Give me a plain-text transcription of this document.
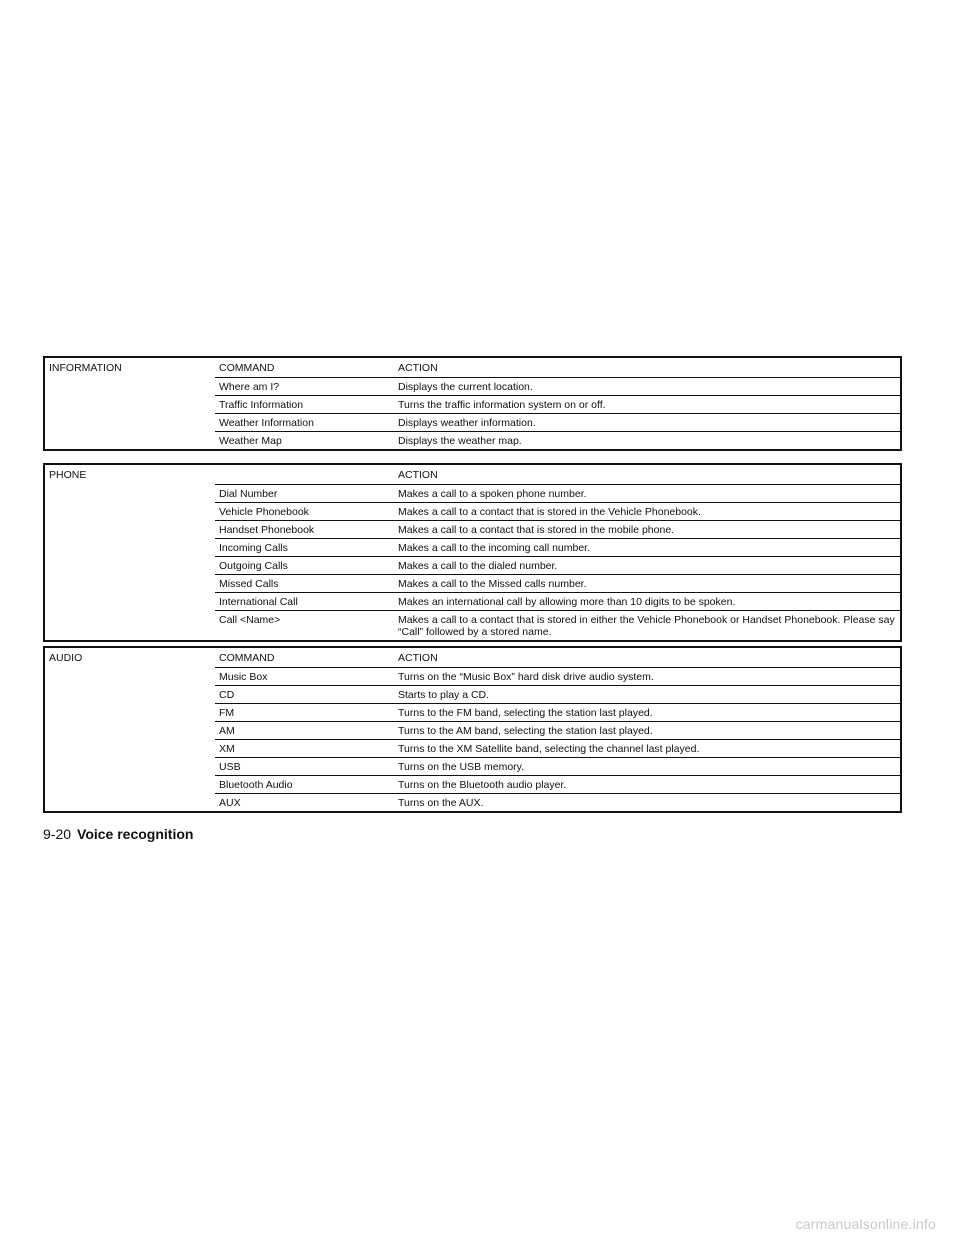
INFORMATION	COMMAND	ACTION
	Where am I?	Displays the current location.
	Traffic Information	Turns the traffic information system on or off.
	Weather Information	Displays weather information.
	Weather Map	Displays the weather map.
PHONE		ACTION
	Dial Number	Makes a call to a spoken phone number.
	Vehicle Phonebook	Makes a call to a contact that is stored in the Vehicle Phonebook.
	Handset Phonebook	Makes a call to a contact that is stored in the mobile phone.
	Incoming Calls	Makes a call to the incoming call number.
	Outgoing Calls	Makes a call to the dialed number.
	Missed Calls	Makes a call to the Missed calls number.
	International Call	Makes an international call by allowing more than 10 digits to be spoken.
	Call <Name>	Makes a call to a contact that is stored in either the Vehicle Phonebook or Handset Phonebook. Please say “Call” followed by a stored name.
AUDIO	COMMAND	ACTION
	Music Box	Turns on the “Music Box” hard disk drive audio system.
	CD	Starts to play a CD.
	FM	Turns to the FM band, selecting the station last played.
	AM	Turns to the AM band, selecting the station last played.
	XM	Turns to the XM Satellite band, selecting the channel last played.
	USB	Turns on the USB memory.
	Bluetooth Audio	Turns on the Bluetooth audio player.
	AUX	Turns on the AUX.
9-20 Voice recognition
carmanualsonline.info
